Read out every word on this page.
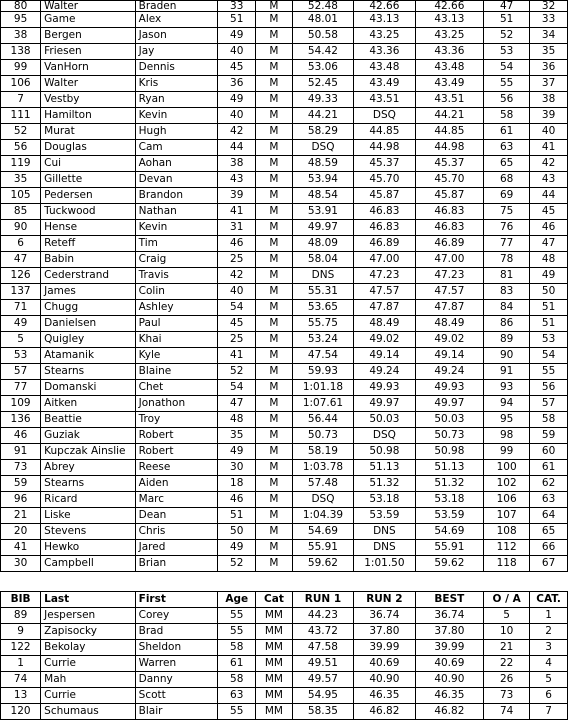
80	Walter	Braden	33	M	52.48	42.66	42.66	47	32
95	Game	Alex	51	M	48.01	43.13	43.13	51	33
38	Bergen	Jason	49	M	50.58	43.25	43.25	52	34
138	Friesen	Jay	40	M	54.42	43.36	43.36	53	35
99	VanHorn	Dennis	45	M	53.06	43.48	43.48	54	36
106	Walter	Kris	36	M	52.45	43.49	43.49	55	37
7	Vestby	Ryan	49	M	49.33	43.51	43.51	56	38
111	Hamilton	Kevin	40	M	44.21	DSQ	44.21	58	39
52	Murat	Hugh	42	M	58.29	44.85	44.85	61	40
56	Douglas	Cam	44	M	DSQ	44.98	44.98	63	41
119	Cui	Aohan	38	M	48.59	45.37	45.37	65	42
35	Gillette	Devan	43	M	53.94	45.70	45.70	68	43
105	Pedersen	Brandon	39	M	48.54	45.87	45.87	69	44
85	Tuckwood	Nathan	41	M	53.91	46.83	46.83	75	45
90	Hense	Kevin	31	M	49.97	46.83	46.83	76	46
6	Reteff	Tim	46	M	48.09	46.89	46.89	77	47
47	Babin	Craig	25	M	58.04	47.00	47.00	78	48
126	Cederstrand	Travis	42	M	DNS	47.23	47.23	81	49
137	James	Colin	40	M	55.31	47.57	47.57	83	50
71	Chugg	Ashley	54	M	53.65	47.87	47.87	84	51
49	Danielsen	Paul	45	M	55.75	48.49	48.49	86	51
5	Quigley	Khai	25	M	53.24	49.02	49.02	89	53
53	Atamanik	Kyle	41	M	47.54	49.14	49.14	90	54
57	Stearns	Blaine	52	M	59.93	49.24	49.24	91	55
77	Domanski	Chet	54	M	1:01.18	49.93	49.93	93	56
109	Aitken	Jonathon	47	M	1:07.61	49.97	49.97	94	57
136	Beattie	Troy	48	M	56.44	50.03	50.03	95	58
46	Guziak	Robert	35	M	50.73	DSQ	50.73	98	59
91	Kupczak Ainslie	Robert	49	M	58.19	50.98	50.98	99	60
73	Abrey	Reese	30	M	1:03.78	51.13	51.13	100	61
59	Stearns	Aiden	18	M	57.48	51.32	51.32	102	62
96	Ricard	Marc	46	M	DSQ	53.18	53.18	106	63
21	Liske	Dean	51	M	1:04.39	53.59	53.59	107	64
20	Stevens	Chris	50	M	54.69	DNS	54.69	108	65
41	Hewko	Jared	49	M	55.91	DNS	55.91	112	66
30	Campbell	Brian	52	M	59.62	1:01.50	59.62	118	67
BIB	Last	First	Age	Cat	RUN 1	RUN 2	BEST	O / A	CAT.
89	Jespersen	Corey	55	MM	44.23	36.74	36.74	5	1
9	Zapisocky	Brad	55	MM	43.72	37.80	37.80	10	2
122	Bekolay	Sheldon	58	MM	47.58	39.99	39.99	21	3
1	Currie	Warren	61	MM	49.51	40.69	40.69	22	4
74	Mah	Danny	58	MM	49.57	40.90	40.90	26	5
13	Currie	Scott	63	MM	54.95	46.35	46.35	73	6
120	Schumaus	Blair	55	MM	58.35	46.82	46.82	74	7
